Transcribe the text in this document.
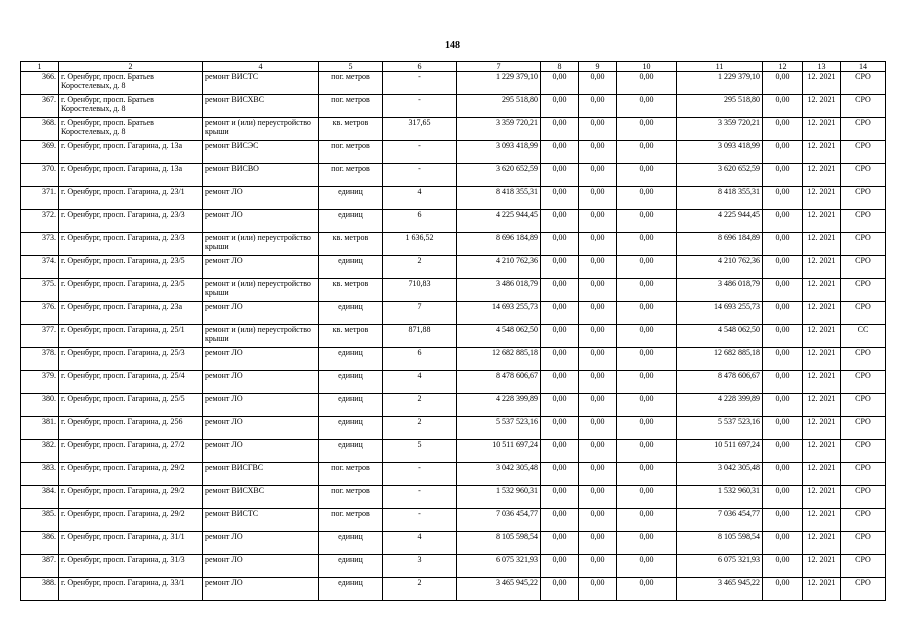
148
1	2	4	5	6	7	8	9	10	11	12	13	14
366.	г. Оренбург, просп. Братьев Коростелевых, д. 8	ремонт ВИСТС	пог. метров	-	1 229 379,10	0,00	0,00	0,00	1 229 379,10	0,00	12. 2021	СРО
367.	г. Оренбург, просп. Братьев Коростелевых, д. 8	ремонт ВИСХВС	пог. метров	-	295 518,80	0,00	0,00	0,00	295 518,80	0,00	12. 2021	СРО
368.	г. Оренбург, просп. Братьев Коростелевых, д. 8	ремонт и (или) переустройство крыши	кв. метров	317,65	3 359 720,21	0,00	0,00	0,00	3 359 720,21	0,00	12. 2021	СРО
369.	г. Оренбург, просп. Гагарина, д. 13а	ремонт ВИСЭС	пог. метров	-	3 093 418,99	0,00	0,00	0,00	3 093 418,99	0,00	12. 2021	СРО
370.	г. Оренбург, просп. Гагарина, д. 13а	ремонт ВИСВО	пог. метров	-	3 620 652,59	0,00	0,00	0,00	3 620 652,59	0,00	12. 2021	СРО
371.	г. Оренбург, просп. Гагарина, д. 23/1	ремонт ЛО	единиц	4	8 418 355,31	0,00	0,00	0,00	8 418 355,31	0,00	12. 2021	СРО
372.	г. Оренбург, просп. Гагарина, д. 23/3	ремонт ЛО	единиц	6	4 225 944,45	0,00	0,00	0,00	4 225 944,45	0,00	12. 2021	СРО
373.	г. Оренбург, просп. Гагарина, д. 23/3	ремонт и (или) переустройство крыши	кв. метров	1 636,52	8 696 184,89	0,00	0,00	0,00	8 696 184,89	0,00	12. 2021	СРО
374.	г. Оренбург, просп. Гагарина, д. 23/5	ремонт ЛО	единиц	2	4 210 762,36	0,00	0,00	0,00	4 210 762,36	0,00	12. 2021	СРО
375.	г. Оренбург, просп. Гагарина, д. 23/5	ремонт и (или) переустройство крыши	кв. метров	710,83	3 486 018,79	0,00	0,00	0,00	3 486 018,79	0,00	12. 2021	СРО
376.	г. Оренбург, просп. Гагарина, д. 23а	ремонт ЛО	единиц	7	14 693 255,73	0,00	0,00	0,00	14 693 255,73	0,00	12. 2021	СРО
377.	г. Оренбург, просп. Гагарина, д. 25/1	ремонт и (или) переустройство крыши	кв. метров	871,88	4 548 062,50	0,00	0,00	0,00	4 548 062,50	0,00	12. 2021	СС
378.	г. Оренбург, просп. Гагарина, д. 25/3	ремонт ЛО	единиц	6	12 682 885,18	0,00	0,00	0,00	12 682 885,18	0,00	12. 2021	СРО
379.	г. Оренбург, просп. Гагарина, д. 25/4	ремонт ЛО	единиц	4	8 478 606,67	0,00	0,00	0,00	8 478 606,67	0,00	12. 2021	СРО
380.	г. Оренбург, просп. Гагарина, д. 25/5	ремонт ЛО	единиц	2	4 228 399,89	0,00	0,00	0,00	4 228 399,89	0,00	12. 2021	СРО
381.	г. Оренбург, просп. Гагарина, д. 256	ремонт ЛО	единиц	2	5 537 523,16	0,00	0,00	0,00	5 537 523,16	0,00	12. 2021	СРО
382.	г. Оренбург, просп. Гагарина, д. 27/2	ремонт ЛО	единиц	5	10 511 697,24	0,00	0,00	0,00	10 511 697,24	0,00	12. 2021	СРО
383.	г. Оренбург, просп. Гагарина, д. 29/2	ремонт ВИСГВС	пог. метров	-	3 042 305,48	0,00	0,00	0,00	3 042 305,48	0,00	12. 2021	СРО
384.	г. Оренбург, просп. Гагарина, д. 29/2	ремонт ВИСХВС	пог. метров	-	1 532 960,31	0,00	0,00	0,00	1 532 960,31	0,00	12. 2021	СРО
385.	г. Оренбург, просп. Гагарина, д. 29/2	ремонт ВИСТС	пог. метров	-	7 036 454,77	0,00	0,00	0,00	7 036 454,77	0,00	12. 2021	СРО
386.	г. Оренбург, просп. Гагарина, д. 31/1	ремонт ЛО	единиц	4	8 105 598,54	0,00	0,00	0,00	8 105 598,54	0,00	12. 2021	СРО
387.	г. Оренбург, просп. Гагарина, д. 31/3	ремонт ЛО	единиц	3	6 075 321,93	0,00	0,00	0,00	6 075 321,93	0,00	12. 2021	СРО
388.	г. Оренбург, просп. Гагарина, д. 33/1	ремонт ЛО	единиц	2	3 465 945,22	0,00	0,00	0,00	3 465 945,22	0,00	12. 2021	СРО
